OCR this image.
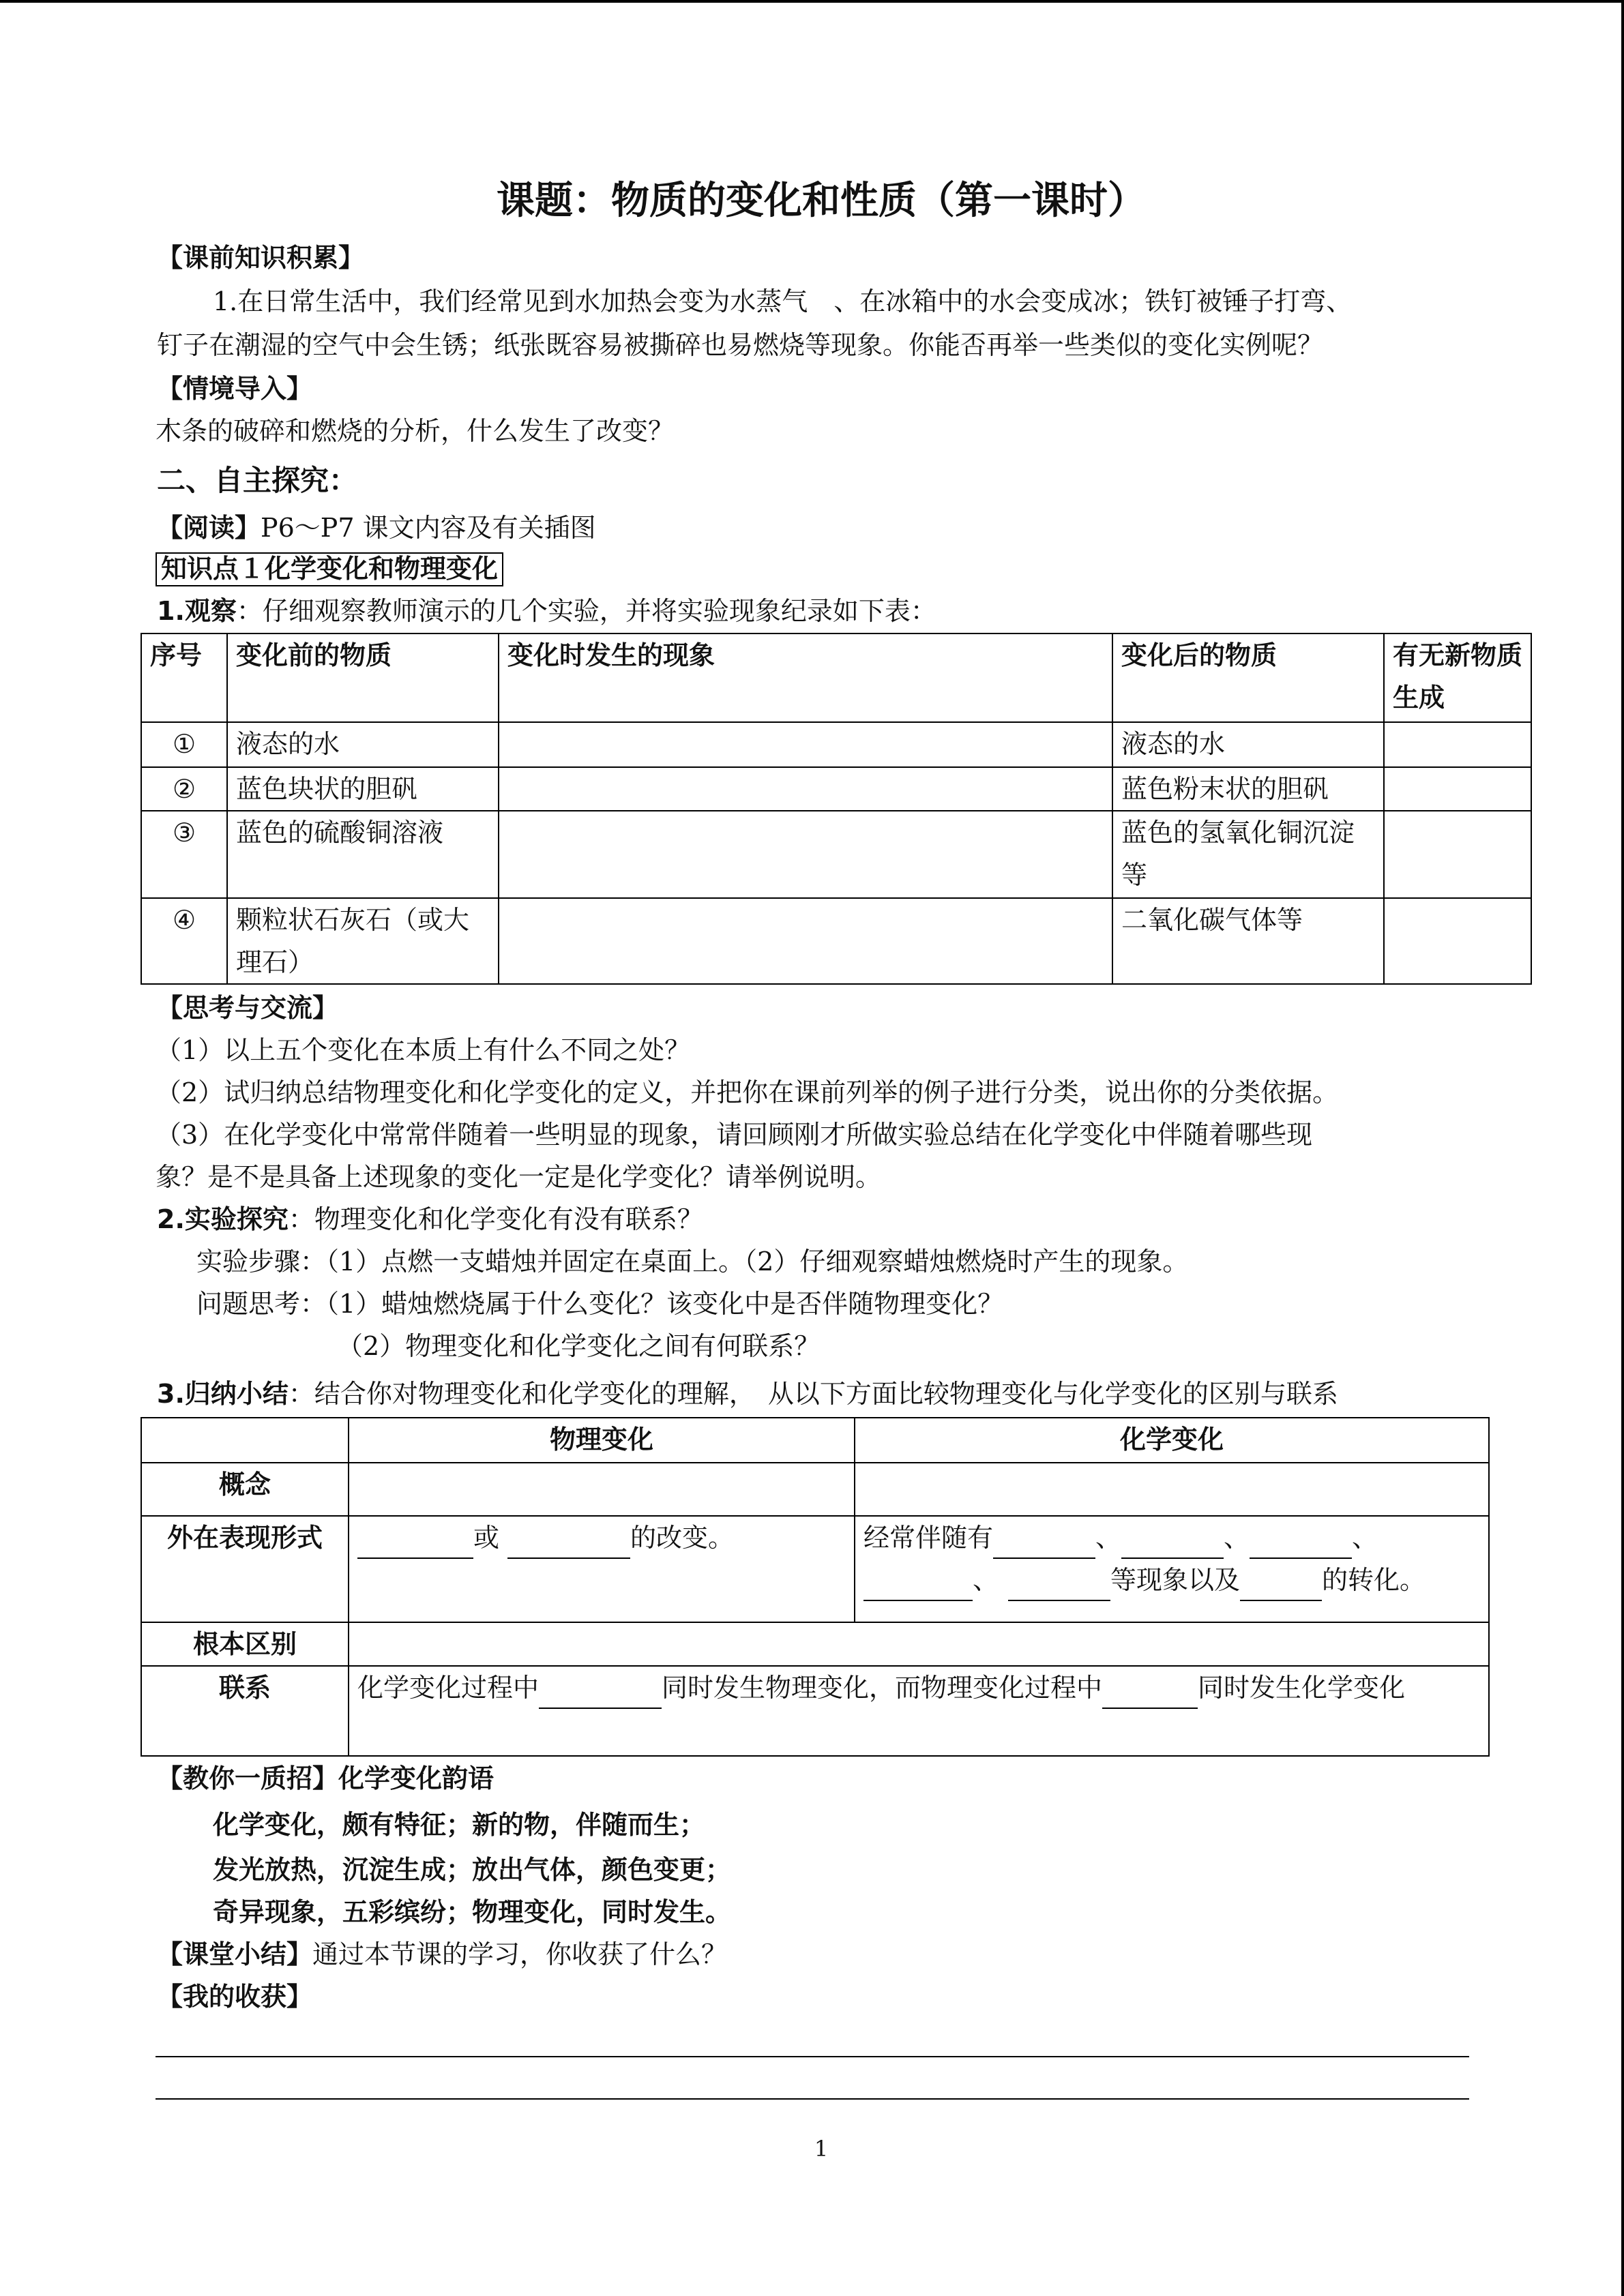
课题：物质的变化和性质（第一课时）
【课前知识积累】
1.在日常生活中，我们经常见到水加热会变为水蒸气　、在冰箱中的水会变成冰；铁钉被锤子打弯、
钉子在潮湿的空气中会生锈；纸张既容易被撕碎也易燃烧等现象。你能否再举一些类似的变化实例呢？
【情境导入】
木条的破碎和燃烧的分析，什么发生了改变？
二、自主探究：
【阅读】P6～P7 课文内容及有关插图
知识点１化学变化和物理变化
1.观察：仔细观察教师演示的几个实验，并将实验现象纪录如下表：
序号	变化前的物质	变化时发生的现象	变化后的物质	有无新物质生成
①	液态的水		液态的水	
②	蓝色块状的胆矾		蓝色粉末状的胆矾	
③	蓝色的硫酸铜溶液		蓝色的氢氧化铜沉淀等	
④	颗粒状石灰石（或大理石）		二氧化碳气体等	
【思考与交流】
（1）以上五个变化在本质上有什么不同之处？
（2）试归纳总结物理变化和化学变化的定义，并把你在课前列举的例子进行分类，说出你的分类依据。
（3）在化学变化中常常伴随着一些明显的现象，请回顾刚才所做实验总结在化学变化中伴随着哪些现
象？是不是具备上述现象的变化一定是化学变化？请举例说明。
2.实验探究：物理变化和化学变化有没有联系？
实验步骤：（1）点燃一支蜡烛并固定在桌面上。（2）仔细观察蜡烛燃烧时产生的现象。
问题思考：（1）蜡烛燃烧属于什么变化？该变化中是否伴随物理变化？
（2）物理变化和化学变化之间有何联系？
3.归纳小结：结合你对物理变化和化学变化的理解，　从以下方面比较物理变化与化学变化的区别与联系
	物理变化	化学变化
概念		
外在表现形式	或 的改变。	经常伴随有 、 、 、
、 等现象以及 的转化。
根本区别		
联系	化学变化过程中 同时发生物理变化，而物理变化过程中 同时发生化学变化	
【教你一质招】化学变化韵语
化学变化，颇有特征；新的物，伴随而生；
发光放热，沉淀生成；放出气体，颜色变更；
奇异现象，五彩缤纷；物理变化，同时发生。
【课堂小结】通过本节课的学习，你收获了什么？
【我的收获】
1
